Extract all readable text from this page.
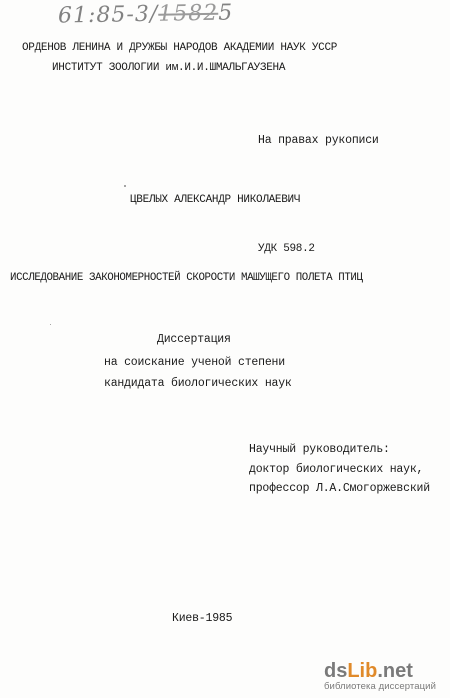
61:85-3/15825
ОРДЕНОВ ЛЕНИНА И ДРУЖБЫ НАРОДОВ АКАДЕМИИ НАУК УССР
ИНСТИТУТ ЗООЛОГИИ им.И.И.ШМАЛЬГАУЗЕНА
На правах рукописи
ЦВЕЛЫХ АЛЕКСАНДР НИКОЛАЕВИЧ
УДК 598.2
ИССЛЕДОВАНИЕ ЗАКОНОМЕРНОСТЕЙ СКОРОСТИ МАШУЩЕГО ПОЛЕТА ПТИЦ
Диссертация
на соискание ученой степени
кандидата биологических наук
Научный руководитель:
доктор биологических наук,
профессор Л.А.Смогоржевский
Киев-1985
ds Lib .net
библиотека диссертаций
